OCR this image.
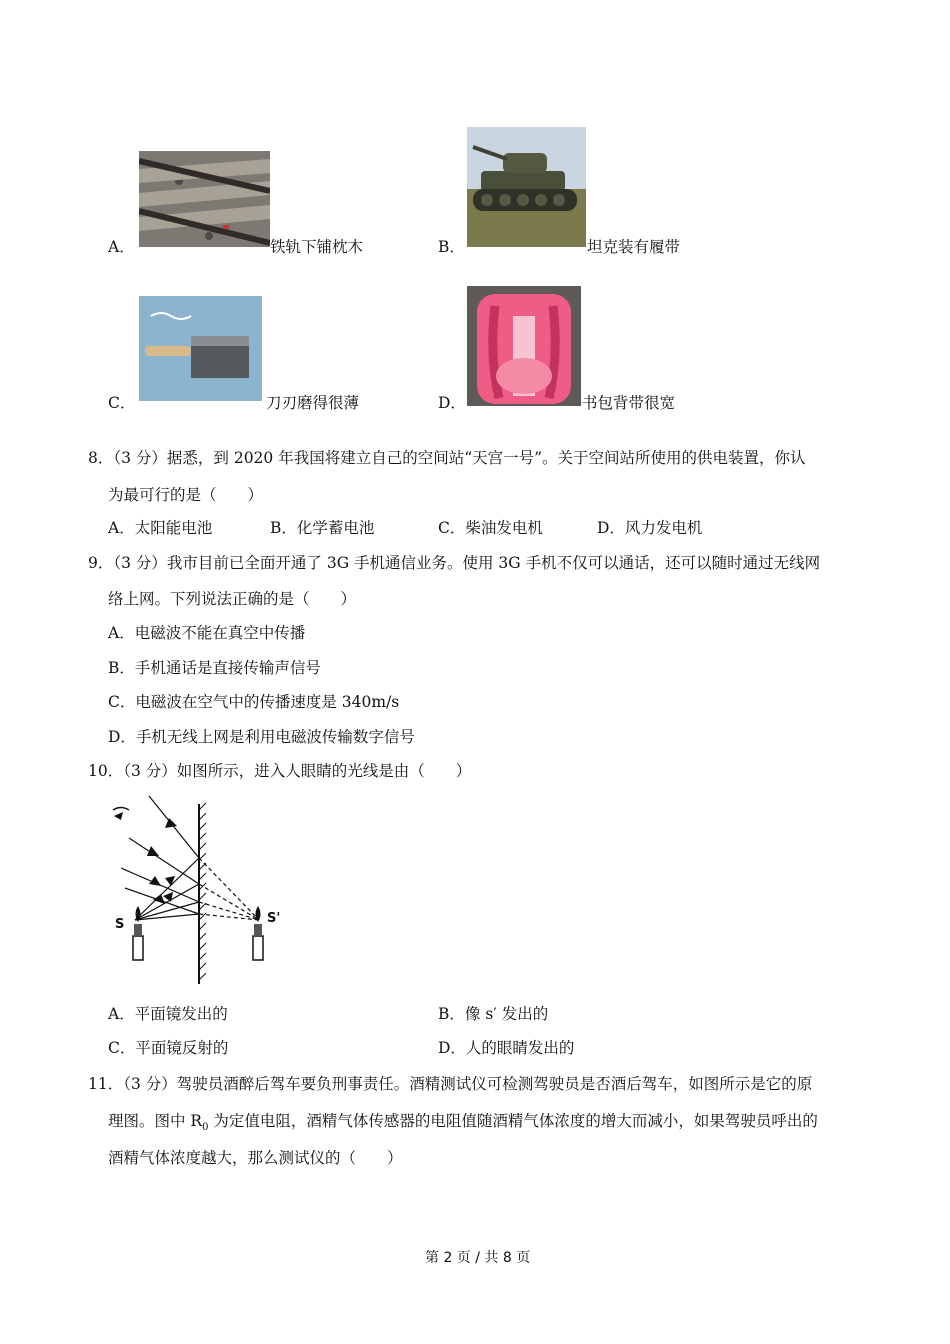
A．	铁轨下铺枕木	B．	坦克装有履带
C．	刀刃磨得很薄	D．	书包背带很宽
8．（3 分）据悉，到 2020 年我国将建立自己的空间站“天宫一号”。关于空间站所使用的供电装置，你认
为最可行的是（　　）
A．太阳能电池	B．化学蓄电池	C．柴油发电机	D．风力发电机
9．（3 分）我市目前已全面开通了 3G 手机通信业务。使用 3G 手机不仅可以通话，还可以随时通过无线网
络上网。下列说法正确的是（　　）
A．电磁波不能在真空中传播
B．手机通话是直接传输声信号
C．电磁波在空气中的传播速度是 340m/s
D．手机无线上网是利用电磁波传输数字信号
10．（3 分）如图所示，进入人眼睛的光线是由（　　）
S	S'
A．平面镜发出的	B．像 s′ 发出的
C．平面镜反射的	D．人的眼睛发出的
11．（3 分）驾驶员酒醉后驾车要负刑事责任。酒精测试仪可检测驾驶员是否酒后驾车，如图所示是它的原
理图。图中 $R_0$ 为定值电阻，酒精气体传感器的电阻值随酒精气体浓度的增大而减小，如果驾驶员呼出的
酒精气体浓度越大，那么测试仪的（　　）
第 2 页 / 共 8 页
